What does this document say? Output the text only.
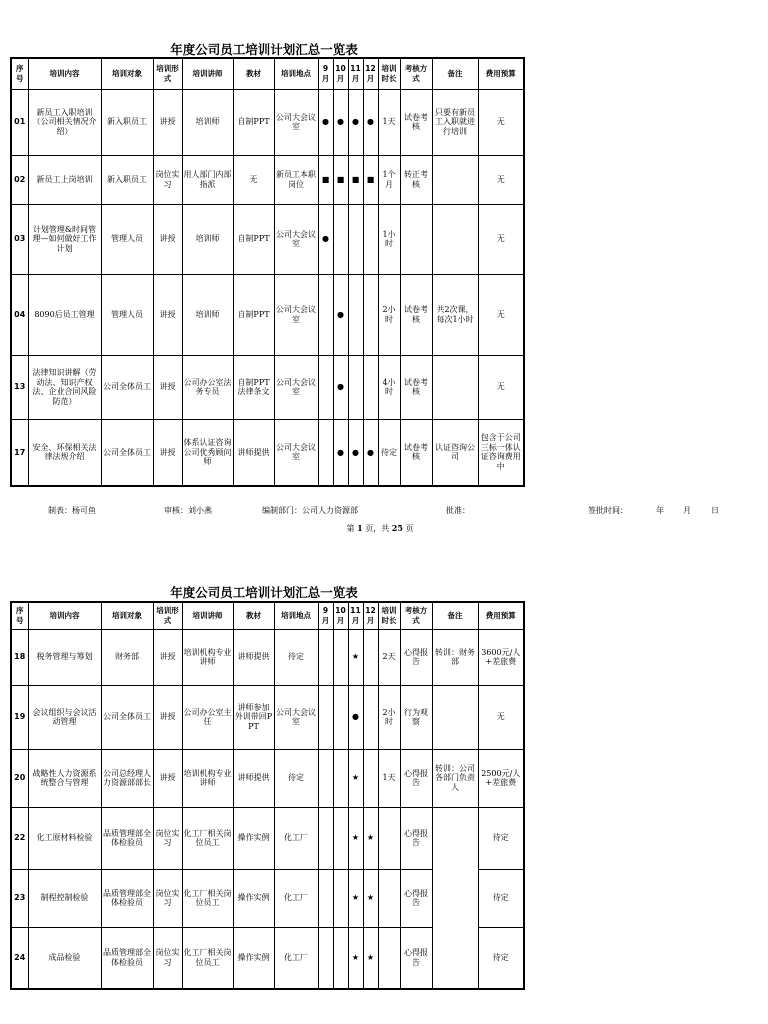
年度公司员工培训计划汇总一览表
序号	培训内容	培训对象	培训形式	培训讲师	教材	培训地点	9月	10月	11月	12月	培训时长	考核方式	备注	费用预算
01	新员工入职培训（公司相关情况介绍）	新入职员工	讲授	培训师	自制PPT	公司大会议室	●	●	●	●	1天	试卷考核	只要有新员工入职就进行培训	无
02	新员工上岗培训	新入职员工	岗位实习	用人部门内部指派	无	新员工本职岗位	■	■	■	■	1个月	转正考核		无
03	计划管理&时间管理—如何做好工作计划	管理人员	讲授	培训师	自制PPT	公司大会议室	●				1小时			无
04	8090后员工管理	管理人员	讲授	培训师	自制PPT	公司大会议室		●			2小时	试卷考核	共2次课，每次1小时	无
13	法律知识讲解（劳动法、知识产权法、企业合同风险防范）	公司全体员工	讲授	公司办公室法务专员	自制PPT法律条文	公司大会议室		●			4小时	试卷考核		无
17	安全、环保相关法律法规介绍	公司全体员工	讲授	体系认证咨询公司优秀顾问师	讲师提供	公司大会议室		●	●	●	待定	试卷考核	认证咨询公司	包含于公司三标一体认证咨询费用中
制表：杨可鱼	审核：刘小燕	编制部门：公司人力资源部	批准：	签批时间：	年 月	日
第 1 页，共 25 页
年度公司员工培训计划汇总一览表
序号	培训内容	培训对象	培训形式	培训讲师	教材	培训地点	9月	10月	11月	12月	培训时长	考核方式	备注	费用预算
18	税务管理与筹划	财务部	讲授	培训机构专业讲师	讲师提供	待定			★		2天	心得报告	转训：财务部	3600元/人+差旅费
19	会议组织与会议活动管理	公司全体员工	讲授	公司办公室主任	讲师参加外训带回PPT	公司大会议室			●		2小时	行为观察		无
20	战略性人力资源系统整合与管理	公司总经理人力资源部部长	讲授	培训机构专业讲师	讲师提供	待定			★		1天	心得报告	转训：公司各部门负责人	2500元/人+差旅费
22	化工原材料检验	品质管理部全体检验员	岗位实习	化工厂相关岗位员工	操作实例	化工厂			★	★		心得报告		待定
23	制程控制检验	品质管理部全体检验员	岗位实习	化工厂相关岗位员工	操作实例	化工厂			★	★		心得报告		待定
24	成品检验	品质管理部全体检验员	岗位实习	化工厂相关岗位员工	操作实例	化工厂			★	★		心得报告		待定
